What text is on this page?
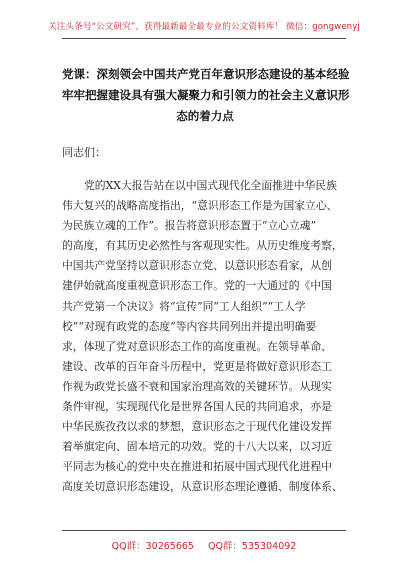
关注头条号“公文研究”，获得最新最全最专业的公文资料库！ 微信：gongwenyj
党课：深刻领会中国共产党百年意识形态建设的基本经验
牢牢把握建设具有强大凝聚力和引领力的社会主义意识形
态的着力点
同志们：
党的XX大报告站在以中国式现代化全面推进中华民族
伟大复兴的战略高度指出，“意识形态工作是为国家立心、
为民族立魂的工作”。报告将意识形态置于“立心立魂”
的高度，有其历史必然性与客观现实性。从历史维度考察，
中国共产党坚持以意识形态立党、以意识形态看家，从创
建伊始就高度重视意识形态工作。党的一大通过的《中国
共产党第一个决议》将“宣传”同“工人组织”“工人学
校”“对现有政党的态度”等内容共同列出并提出明确要
求，体现了党对意识形态工作的高度重视。在领导革命、
建设、改革的百年奋斗历程中，党更是将做好意识形态工
作视为政党长盛不衰和国家治理高效的关键环节。从现实
条件审视，实现现代化是世界各国人民的共同追求，亦是
中华民族孜孜以求的梦想，意识形态之于现代化建设发挥
着举旗定向、固本培元的功效。党的十八大以来，以习近
平同志为核心的党中央在推进和拓展中国式现代化进程中
高度关切意识形态建设，从意识形态理论遵循、制度体系、
QQ群：30265665 QQ群：535304092
